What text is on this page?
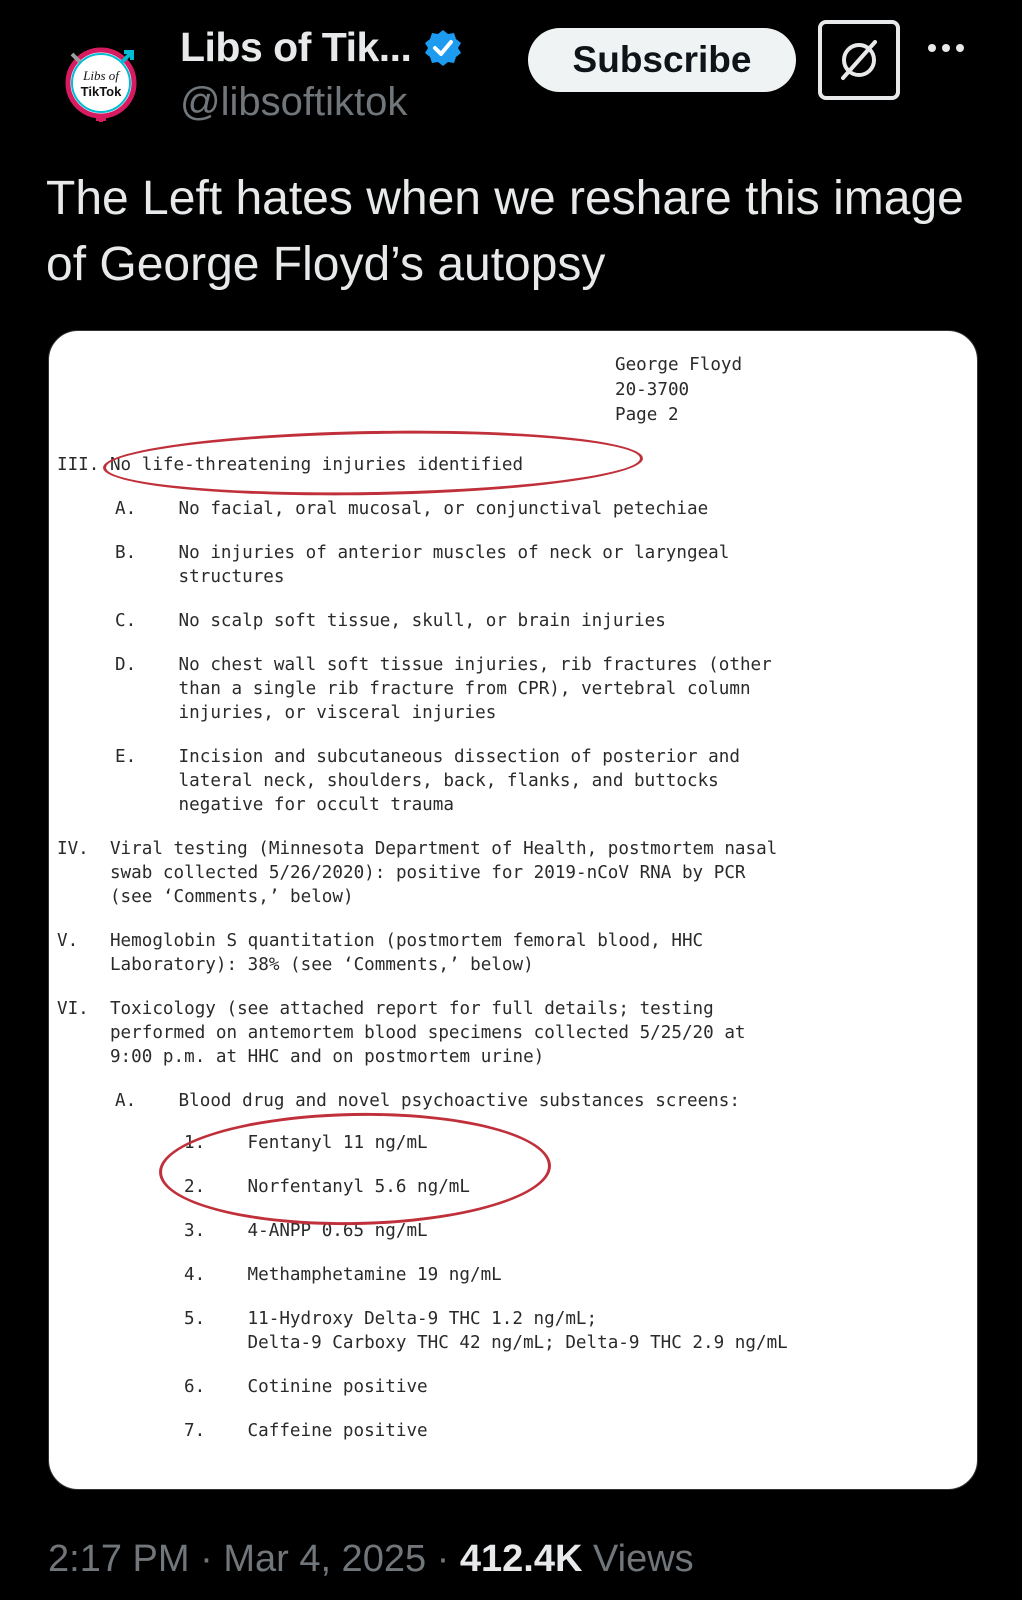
Libs of
TikTok
Libs of Tik...
@libsoftiktok
Subscribe

The Left hates when we reshare this image of George Floyd’s autopsy

George Floyd
20-3700
Page 2
III. No life-threatening injuries identified
A.    No facial, oral mucosal, or conjunctival petechiae
B.    No injuries of anterior muscles of neck or laryngeal
structures
C.    No scalp soft tissue, skull, or brain injuries
D.    No chest wall soft tissue injuries, rib fractures (other
than a single rib fracture from CPR), vertebral column
injuries, or visceral injuries
E.    Incision and subcutaneous dissection of posterior and
lateral neck, shoulders, back, flanks, and buttocks
negative for occult trauma
IV.  Viral testing (Minnesota Department of Health, postmortem nasal
swab collected 5/26/2020): positive for 2019-nCoV RNA by PCR
(see ‘Comments,’ below)
V.   Hemoglobin S quantitation (postmortem femoral blood, HHC
Laboratory): 38% (see ‘Comments,’ below)
VI.  Toxicology (see attached report for full details; testing
performed on antemortem blood specimens collected 5/25/20 at
9:00 p.m. at HHC and on postmortem urine)
A.    Blood drug and novel psychoactive substances screens:
1.    Fentanyl 11 ng/mL
2.    Norfentanyl 5.6 ng/mL
3.    4-ANPP 0.65 ng/mL
4.    Methamphetamine 19 ng/mL
5.    11-Hydroxy Delta-9 THC 1.2 ng/mL;
Delta-9 Carboxy THC 42 ng/mL; Delta-9 THC 2.9 ng/mL
6.    Cotinine positive
7.    Caffeine positive
2:17 PM · Mar 4, 2025 · 412.4K Views
